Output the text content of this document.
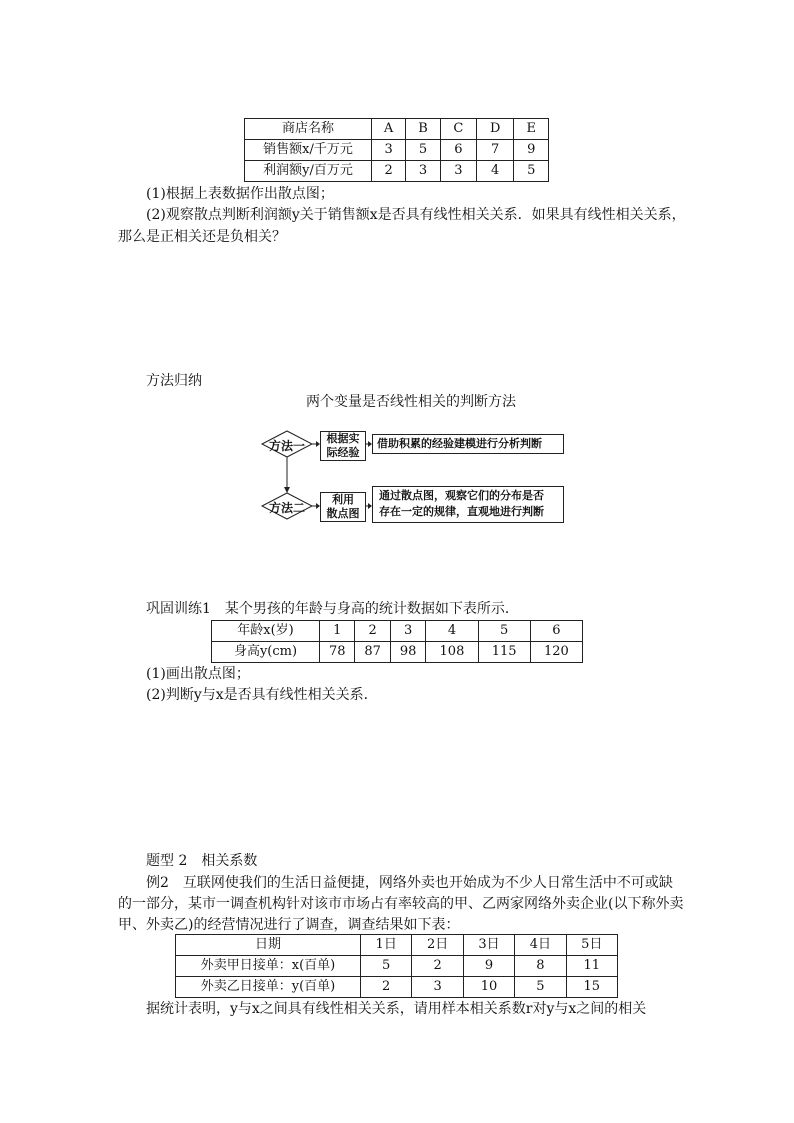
商店名称	A	B	C	D	E
销售额x/千万元	3	5	6	7	9
利润额y/百万元	2	3	3	4	5
(1)根据上表数据作出散点图；
(2)观察散点判断利润额y关于销售额x是否具有线性相关关系．如果具有线性相关关系，
那么是正相关还是负相关？
方法归纳
两个变量是否线性相关的判断方法
方法一
方法二
根据实
际经验
利用
散点图
借助积累的经验建模进行分析判断
通过散点图，观察它们的分布是否
存在一定的规律，直观地进行判断
巩固训练1　某个男孩的年龄与身高的统计数据如下表所示．
年龄x(岁)	1	2	3	4	5	6
身高y(cm)	78	87	98	108	115	120
(1)画出散点图；
(2)判断y与x是否具有线性相关关系．
题型 2　相关系数
例2　互联网使我们的生活日益便捷，网络外卖也开始成为不少人日常生活中不可或缺
的一部分，某市一调查机构针对该市市场占有率较高的甲、乙两家网络外卖企业(以下称外卖
甲、外卖乙)的经营情况进行了调查，调查结果如下表：
日期	1日	2日	3日	4日	5日
外卖甲日接单：x(百单)	5	2	9	8	11
外卖乙日接单：y(百单)	2	3	10	5	15
据统计表明，y与x之间具有线性相关关系，请用样本相关系数r对y与x之间的相关
